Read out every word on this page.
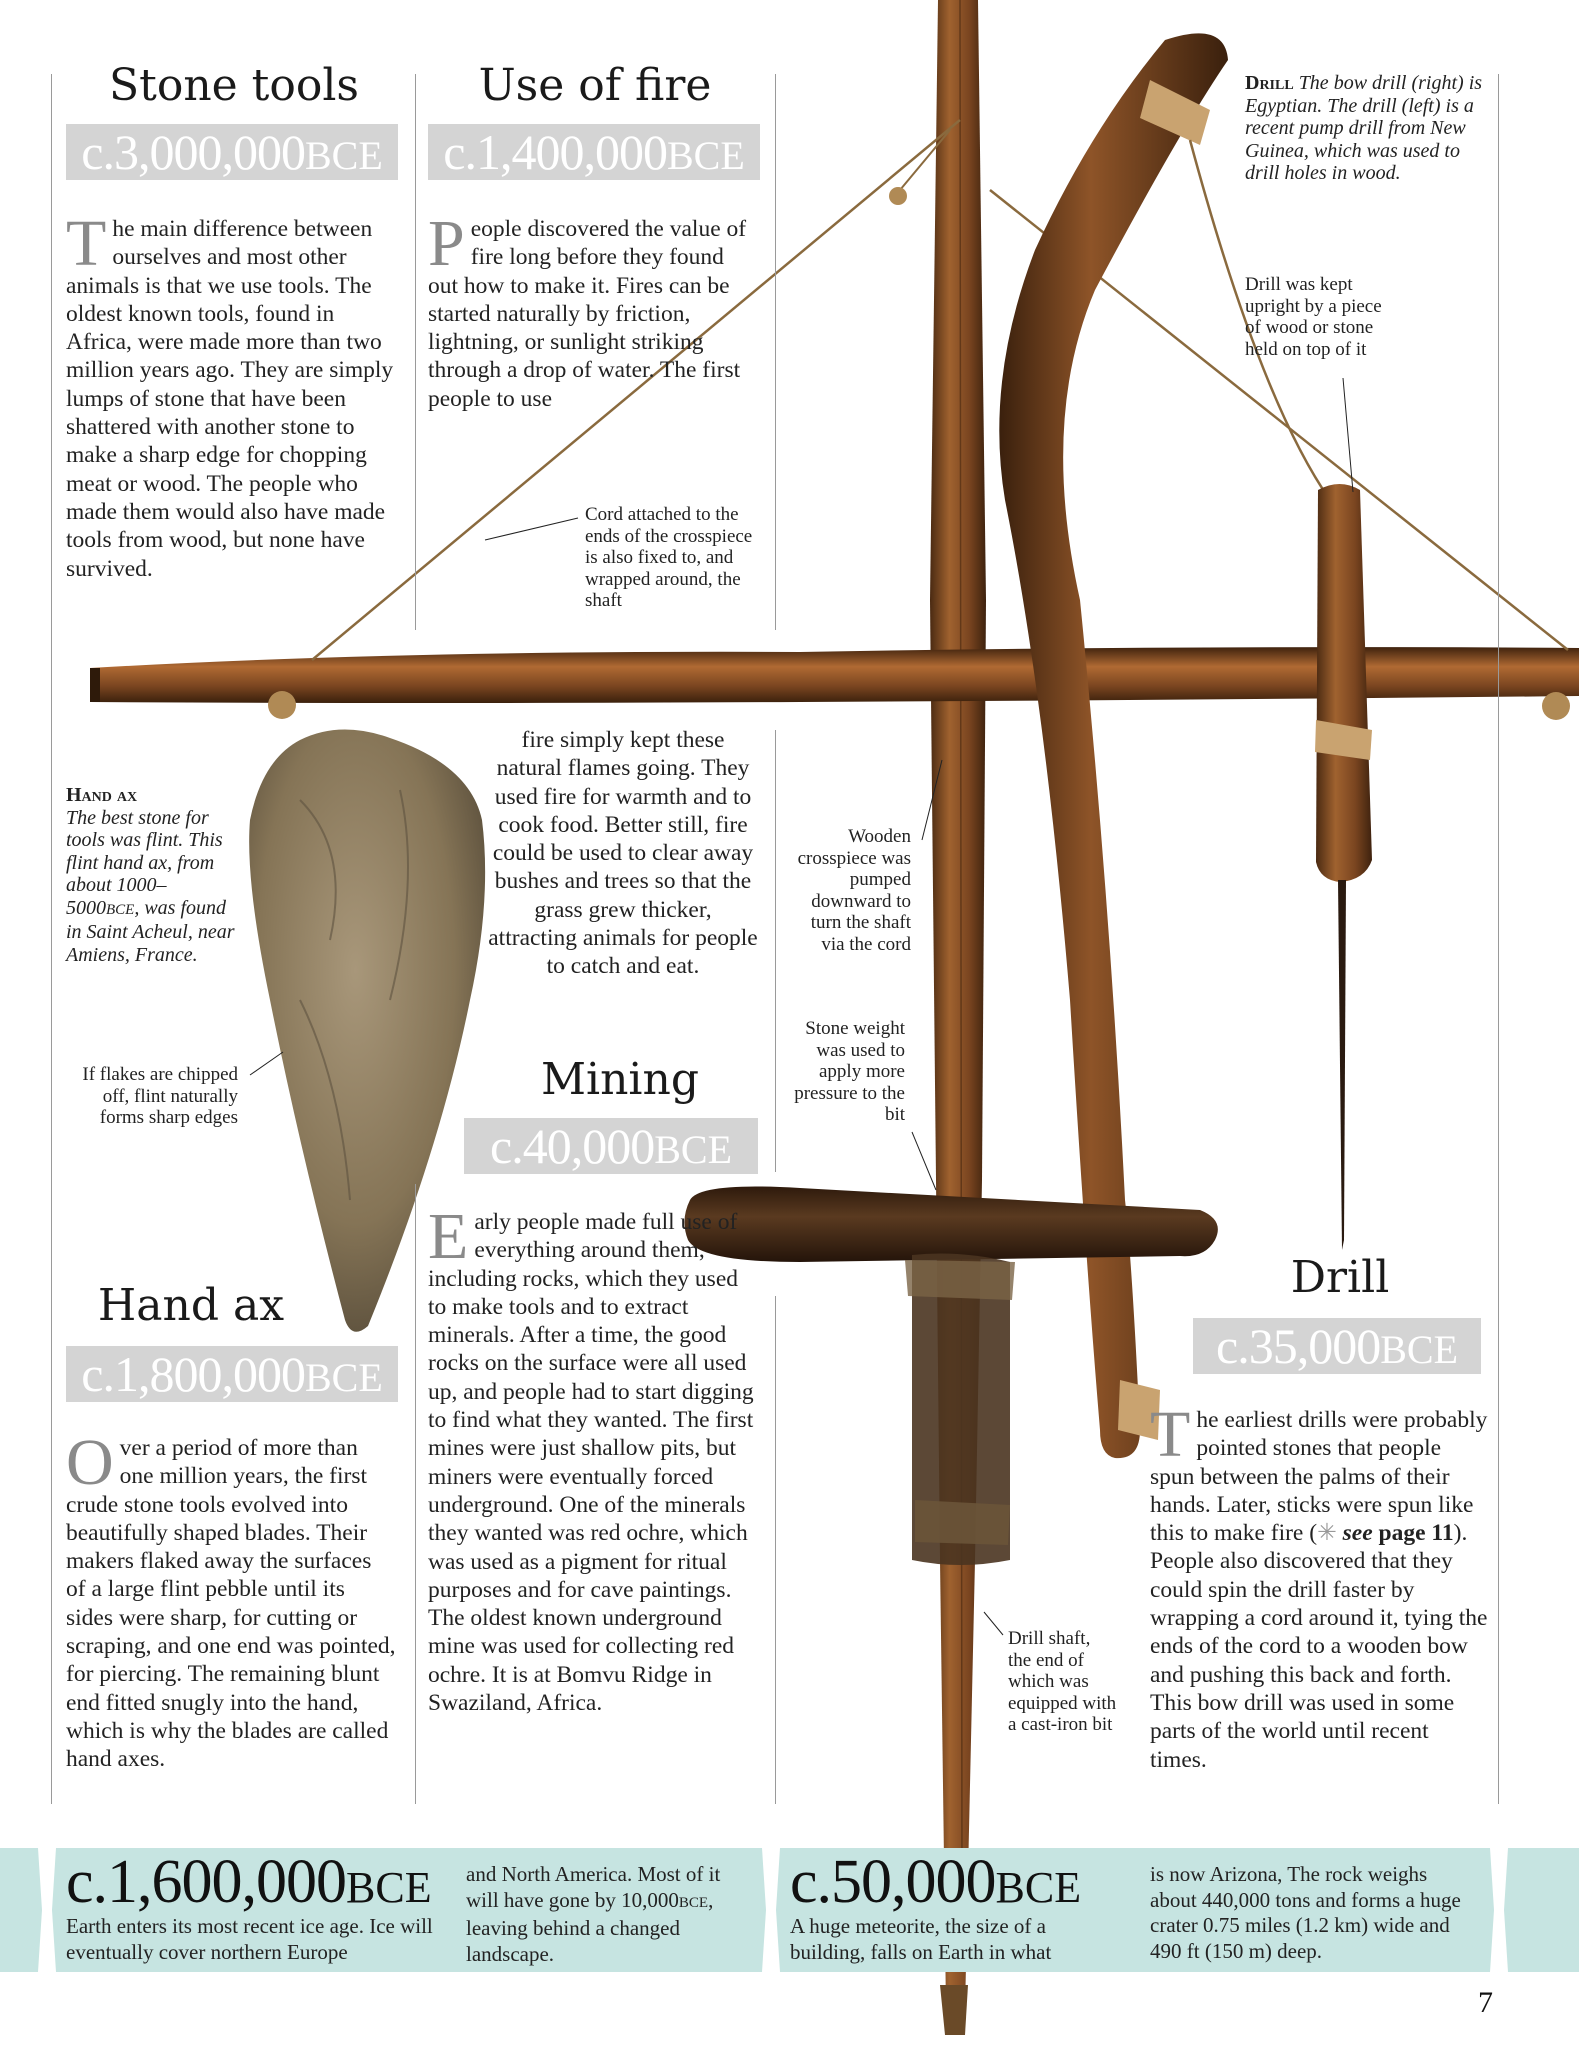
Stone tools
c.3,000,000BCE
The main difference between ourselves and most other animals is that we use tools. The oldest known tools, found in Africa, were made more than two million years ago. They are simply lumps of stone that have been shattered with another stone to make a sharp edge for chopping meat or wood. The people who made them would also have made tools from wood, but none have survived.
Use of fire
c.1,400,000BCE
People discovered the value of fire long before they found out how to make it. Fires can be started naturally by friction, lightning, or sunlight striking through a drop of water. The first people to use
fire simply kept these natural flames going. They used fire for warmth and to cook food. Better still, fire could be used to clear away bushes and trees so that the grass grew thicker, attracting animals for people to catch and eat.
Drill The bow drill (right) is Egyptian. The drill (left) is a recent pump drill from New Guinea, which was used to drill holes in wood.
Drill was kept upright by a piece of wood or stone held on top of it
Cord attached to the ends of the crosspiece is also fixed to, and wrapped around, the shaft
Hand ax
The best stone for tools was flint. This flint hand ax, from about 1000–5000BCE, was found in Saint Acheul, near Amiens, France.
If flakes are chipped off, flint naturally forms sharp edges
Wooden crosspiece was pumped downward to turn the shaft via the cord
Stone weight was used to apply more pressure to the bit
Drill shaft, the end of which was equipped with a cast-iron bit
Mining
c.40,000BCE
Early people made full use of everything around them, including rocks, which they used to make tools and to extract minerals. After a time, the good rocks on the surface were all used up, and people had to start digging to find what they wanted. The first mines were just shallow pits, but miners were eventually forced underground. One of the minerals they wanted was red ochre, which was used as a pigment for ritual purposes and for cave paintings. The oldest known underground mine was used for collecting red ochre. It is at Bomvu Ridge in Swaziland, Africa.
Hand ax
c.1,800,000BCE
Over a period of more than one million years, the first crude stone tools evolved into beautifully shaped blades. Their makers flaked away the surfaces of a large flint pebble until its sides were sharp, for cutting or scraping, and one end was pointed, for piercing. The remaining blunt end fitted snugly into the hand, which is why the blades are called hand axes.
Drill
c.35,000BCE
The earliest drills were probably pointed stones that people spun between the palms of their hands. Later, sticks were spun like this to make fire (✳ see page 11). People also discovered that they could spin the drill faster by wrapping a cord around it, tying the ends of the cord to a wooden bow and pushing this back and forth. This bow drill was used in some parts of the world until recent times.
c.1,600,000BCE
Earth enters its most recent ice age. Ice will eventually cover northern Europe
and North America. Most of it will have gone by 10,000BCE, leaving behind a changed landscape.
c.50,000BCE
A huge meteorite, the size of a building, falls on Earth in what
is now Arizona, The rock weighs about 440,000 tons and forms a huge crater 0.75 miles (1.2 km) wide and 490 ft (150 m) deep.
7
